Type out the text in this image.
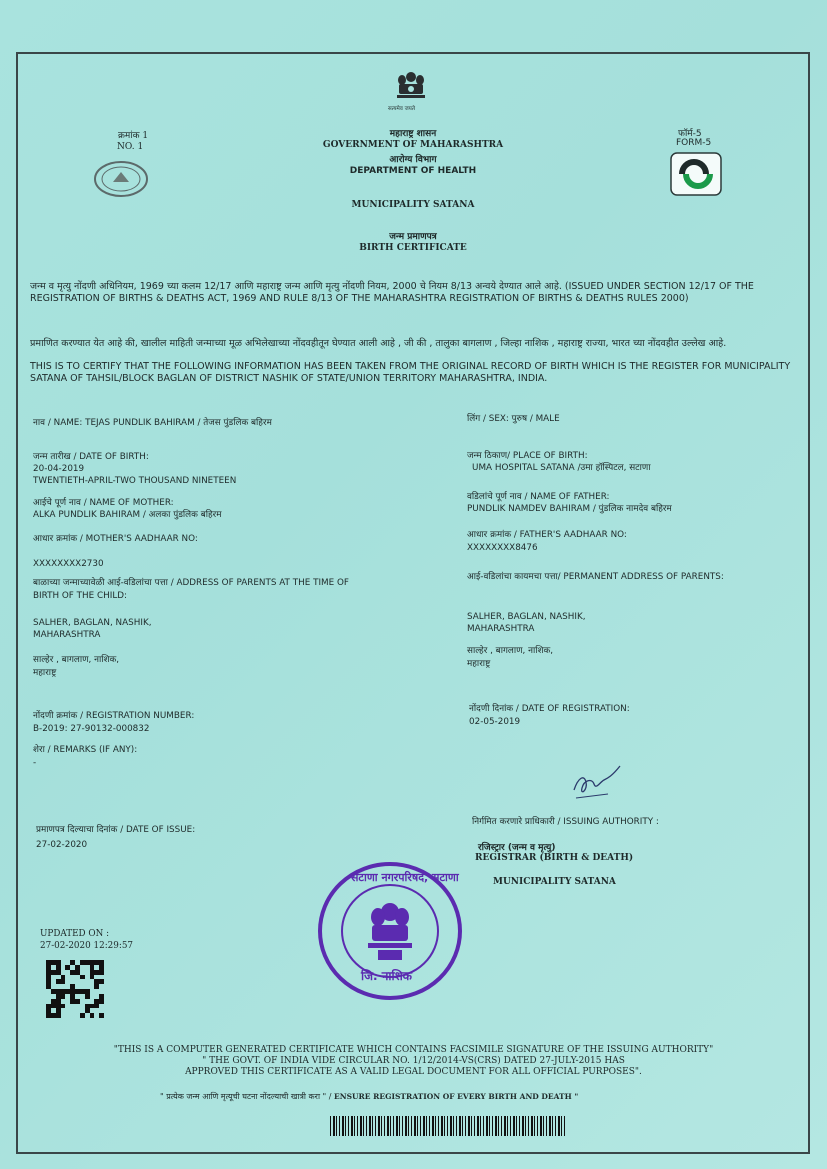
सत्यमेव जयते
क्रमांक 1
NO. 1
महाराष्ट्र शासन
GOVERNMENT OF MAHARASHTRA
आरोग्य विभाग
DEPARTMENT OF HEALTH
फॉर्म-5
FORM-5
MUNICIPALITY SATANA
जन्म प्रमाणपत्र
BIRTH CERTIFICATE
जन्म व मृत्यु नोंदणी अधिनियम, 1969 च्या कलम 12/17 आणि महाराष्ट्र जन्म आणि मृत्यु नोंदणी नियम, 2000 चे नियम 8/13 अन्वये देण्यात आले आहे. (ISSUED UNDER SECTION 12/17 OF THE REGISTRATION OF BIRTHS & DEATHS ACT, 1969 AND RULE 8/13 OF THE MAHARASHTRA REGISTRATION OF BIRTHS & DEATHS RULES 2000)
प्रमाणित करण्यात येत आहे की, खालील माहिती जन्माच्या मूळ अभिलेखाच्या नोंदवहीतून घेण्यात आली आहे , जी की , तालुका बागलाण , जिल्हा नाशिक , महाराष्ट्र राज्या, भारत च्या नोंदवहीत उल्लेख आहे.
THIS IS TO CERTIFY THAT THE FOLLOWING INFORMATION HAS BEEN TAKEN FROM THE ORIGINAL RECORD OF BIRTH WHICH IS THE REGISTER FOR MUNICIPALITY SATANA OF TAHSIL/BLOCK BAGLAN OF DISTRICT NASHIK OF STATE/UNION TERRITORY MAHARASHTRA, INDIA.
नाव / NAME: TEJAS PUNDLIK BAHIRAM / तेजस पुंडलिक बहिरम
जन्म तारीख / DATE OF BIRTH:
20-04-2019
TWENTIETH-APRIL-TWO THOUSAND NINETEEN
आईचे पूर्ण नाव / NAME OF MOTHER:
ALKA PUNDLIK BAHIRAM / अलका पुंडलिक बहिरम
आधार क्रमांक / MOTHER'S AADHAAR NO:
XXXXXXXX2730
बाळाच्या जन्माच्यावेळी आई-वडिलांचा पत्ता / ADDRESS OF PARENTS AT THE TIME OF
BIRTH OF THE CHILD:
SALHER, BAGLAN, NASHIK,
MAHARASHTRA
साल्हेर , बागलाण, नाशिक,
महाराष्ट्र
नोंदणी क्रमांक / REGISTRATION NUMBER:
B-2019: 27-90132-000832
शेरा / REMARKS (IF ANY):
-
प्रमाणपत्र दिल्याचा दिनांक / DATE OF ISSUE:
27-02-2020
UPDATED ON :
27-02-2020 12:29:57
लिंग / SEX: पुरुष / MALE
जन्म ठिकाण/ PLACE OF BIRTH:
UMA HOSPITAL SATANA /उमा हॉस्पिटल, सटाणा
वडिलांचे पूर्ण नाव / NAME OF FATHER:
PUNDLIK NAMDEV BAHIRAM / पुंडलिक नामदेव बहिरम
आधार क्रमांक / FATHER'S AADHAAR NO:
XXXXXXXX8476
आई-वडिलांचा कायमचा पत्ता/ PERMANENT ADDRESS OF PARENTS:
SALHER, BAGLAN, NASHIK,
MAHARASHTRA
साल्हेर , बागलाण, नाशिक,
महाराष्ट्र
नोंदणी दिनांक / DATE OF REGISTRATION:
02-05-2019
निर्गमित करणारे प्राधिकारी / ISSUING AUTHORITY :
रजिस्ट्रार (जन्म व मृत्यु)
REGISTRAR (BIRTH & DEATH)
MUNICIPALITY SATANA
सटाणा नगरपरिषद, सटाणा
जि. नाशिक
"THIS IS A COMPUTER GENERATED CERTIFICATE WHICH CONTAINS FACSIMILE SIGNATURE OF THE ISSUING AUTHORITY"
" THE GOVT. OF INDIA VIDE CIRCULAR NO. 1/12/2014-VS(CRS) DATED 27-JULY-2015 HAS
APPROVED THIS CERTIFICATE AS A VALID LEGAL DOCUMENT FOR ALL OFFICIAL PURPOSES".
" प्रत्येक जन्म आणि मृत्यूची घटना नोंदल्याची खात्री करा " / ENSURE REGISTRATION OF EVERY BIRTH AND DEATH "
